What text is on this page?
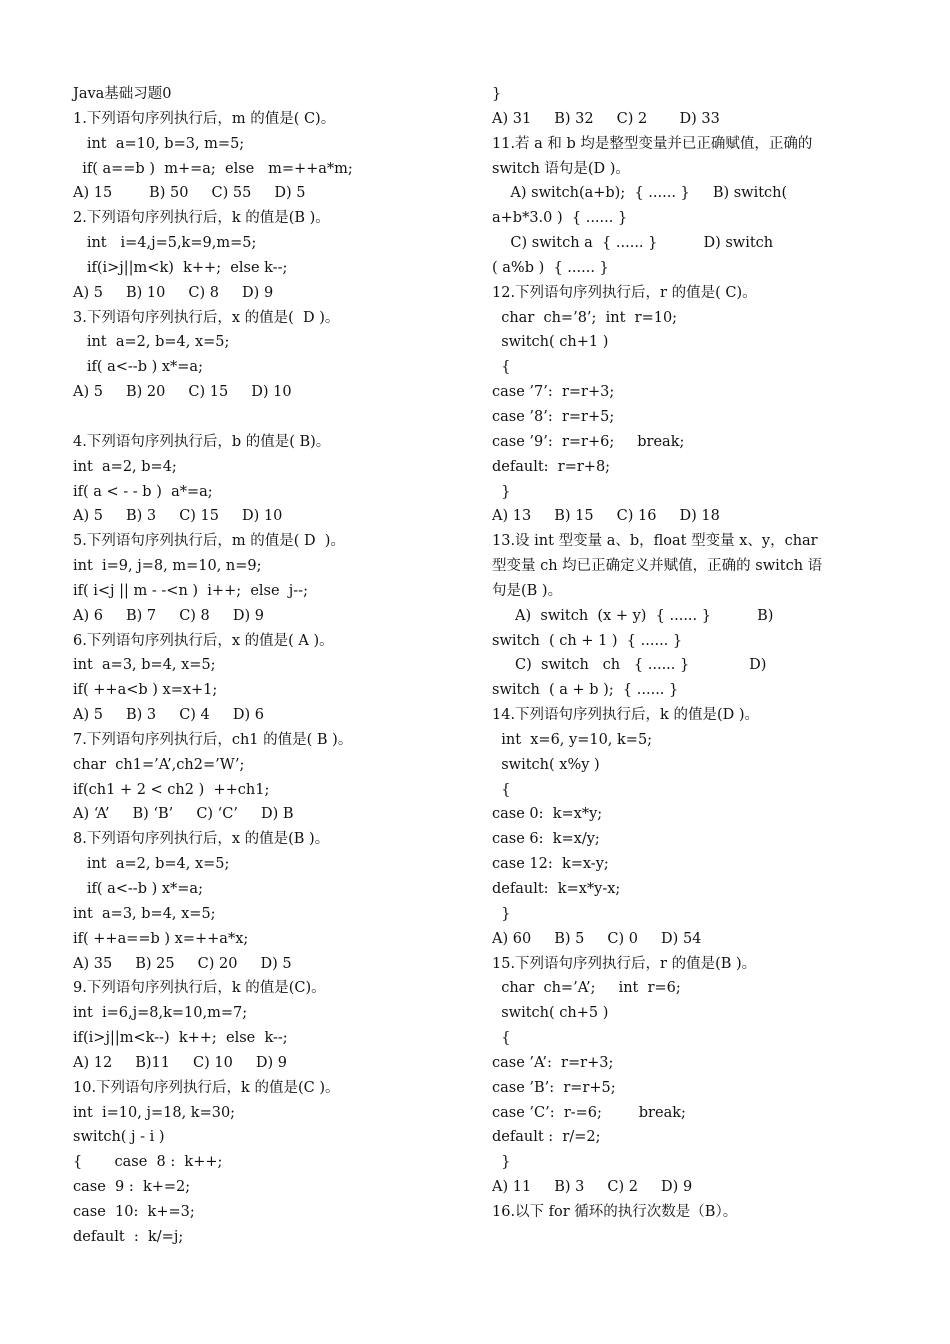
Java基础习题0
1.下列语句序列执行后，m 的值是( C)。
int  a=10, b=3, m=5;
if( a==b )  m+=a;  else   m=++a*m;
A) 15        B) 50     C) 55     D) 5
2.下列语句序列执行后，k 的值是(B )。
int   i=4,j=5,k=9,m=5;
if(i>j||m<k)  k++;  else k--;
A) 5     B) 10     C) 8     D) 9
3.下列语句序列执行后，x 的值是(  D )。
int  a=2, b=4, x=5;
if( a<--b ) x*=a;
A) 5     B) 20     C) 15     D) 10
4.下列语句序列执行后，b 的值是( B)。
int  a=2, b=4;
if( a < - - b )  a*=a;
A) 5     B) 3     C) 15     D) 10
5.下列语句序列执行后，m 的值是( D  )。
int  i=9, j=8, m=10, n=9;
if( i<j || m - -<n )  i++;  else  j--;
A) 6     B) 7     C) 8     D) 9
6.下列语句序列执行后，x 的值是( A )。
int  a=3, b=4, x=5;
if( ++a<b ) x=x+1;
A) 5     B) 3     C) 4     D) 6
7.下列语句序列执行后，ch1 的值是( B )。
char  ch1=’A’,ch2=’W’;
if(ch1 + 2 < ch2 )  ++ch1;
A) ‘A’     B) ‘B’     C) ‘C’     D) B
8.下列语句序列执行后，x 的值是(B )。
int  a=2, b=4, x=5;
if( a<--b ) x*=a;
int  a=3, b=4, x=5;
if( ++a==b ) x=++a*x;
A) 35     B) 25     C) 20     D) 5
9.下列语句序列执行后，k 的值是(C)。
int  i=6,j=8,k=10,m=7;
if(i>j||m<k--)  k++;  else  k--;
A) 12     B)11     C) 10     D) 9
10.下列语句序列执行后，k 的值是(C )。
int  i=10, j=18, k=30;
switch( j - i )
{       case  8 :  k++;
case  9 :  k+=2;
case  10:  k+=3;
default  :  k/=j;
}
A) 31     B) 32     C) 2       D) 33
11.若 a 和 b 均是整型变量并已正确赋值，正确的
switch 语句是(D )。
A) switch(a+b);  { ...... }     B) switch(
a+b*3.0 )  { ...... }
C) switch a  { ...... }          D) switch
( a%b )  { ...... }
12.下列语句序列执行后，r 的值是( C)。
char  ch=’8’;  int  r=10;
switch( ch+1 )
{
case ’7’:  r=r+3;
case ’8’:  r=r+5;
case ’9’:  r=r+6;     break;
default:  r=r+8;
}
A) 13     B) 15     C) 16     D) 18
13.设 int 型变量 a、b，float 型变量 x、y，char
型变量 ch 均已正确定义并赋值，正确的 switch 语
句是(B )。
A)  switch  (x + y)  { ...... }          B)
switch  ( ch + 1 )  { ...... }
C)  switch   ch   { ...... }             D)
switch  ( a + b );  { ...... }
14.下列语句序列执行后，k 的值是(D )。
int  x=6, y=10, k=5;
switch( x%y )
{
case 0:  k=x*y;
case 6:  k=x/y;
case 12:  k=x-y;
default:  k=x*y-x;
}
A) 60     B) 5     C) 0     D) 54
15.下列语句序列执行后，r 的值是(B )。
char  ch=’A’;     int  r=6;
switch( ch+5 )
{
case ’A’:  r=r+3;
case ’B’:  r=r+5;
case ’C’:  r-=6;        break;
default :  r/=2;
}
A) 11     B) 3     C) 2     D) 9
16.以下 for 循环的执行次数是（B）。
